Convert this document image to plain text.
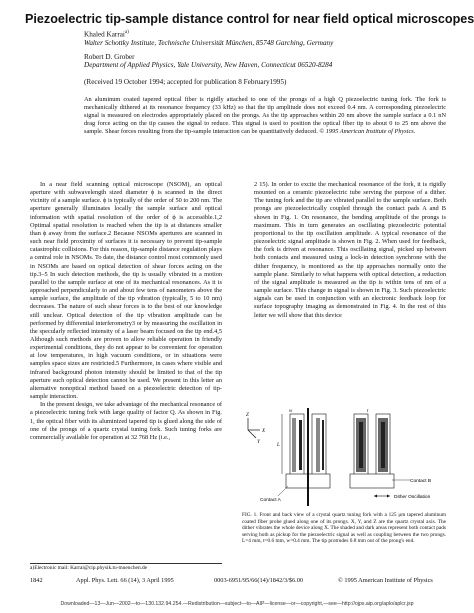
Piezoelectric tip-sample distance control for near field optical microscopes
Khaled Karrai$^{a)}$
Walter Schottky Institute, Technische Universität München, 85748 Garching, Germany
Robert D. Grober
Department of Applied Physics, Yale University, New Haven, Connecticut 06520-8284
(Received 19 October 1994; accepted for publication 8 February1995)
An aluminum coated tapered optical fiber is rigidly attached to one of the prongs of a high Q piezoelectric tuning fork. The fork is mechanically dithered at its resonance frequency (33 kHz) so that the tip amplitude does not exceed 0.4 nm. A corresponding piezoelectric signal is measured on electrodes appropriately placed on the prongs. As the tip approaches within 20 nm above the sample surface a 0.1 nN drag force acting on the tip causes the signal to reduce. This signal is used to position the optical fiber tip to about 0 to 25 nm above the sample. Shear forces resulting from the tip-sample interaction can be quantitatively deduced. © 1995 American Institute of Physics.

In a near field scanning optical microscope (NSOM), an optical aperture with subwavelength sized diameter ϕ is scanned in the direct vicinity of a sample surface. ϕ is typically of the order of 50 to 200 nm. The aperture generally illuminates locally the sample surface and optical information with spatial resolution of the order of ϕ is accessible.1,2 Optimal spatial resolution is reached when the tip is at distances smaller than ϕ away from the surface.2 Because NSOMs apertures are scanned in such near field proximity of surfaces it is necessary to prevent tip-sample catastrophic collisions. For this reason, tip-sample distance regulation plays a central role in NSOMs. To date, the distance control most commonly used in NSOMs are based on optical detection of shear forces acting on the tip.3–5 In such detection methods, the tip is usually vibrated in a motion parallel to the sample surface at one of its mechanical resonances. As it is approached perpendicularly to and about few tens of nanometers above the sample surface, the amplitude of the tip vibration (typically, 5 to 10 nm) decreases. The nature of such shear forces is to the best of our knowledge still unclear. Optical detection of the tip vibration amplitude can be performed by differential interferometry3 or by measuring the oscillation in the specularly reflected intensity of a laser beam focused on the tip end.4,5 Although such methods are proven to allow reliable operation in friendly experimental conditions, they do not appear to be convenient for operation at low temperatures, in high vacuum conditions, or in situations were samples space sizes are restricted.5 Furthermore, in cases where visible and infrared background photon intensity should be limited to that of the tip aperture such optical detection cannot be used. We present in this letter an alternative nonoptical method based on a piezoelectric detection of tip-sample interaction.

In the present design, we take advantage of the mechanical resonance of a piezoelectric tuning fork with large quality of factor Q. As shown in Fig. 1, the optical fiber with its aluminized tapered tip is glued along the side of one of the prongs of a quartz crystal tuning fork. Such tuning forks are commercially available for operation at 32 768 Hz (i.e.,

a)Electronic mail: Karrai@cip.physik.tu-muenchen.de

2 15). In order to excite the mechanical resonance of the fork, it is rigidly mounted on a ceramic piezoelectric tube serving the purpose of a dither. The tuning fork and the tip are vibrated parallel to the sample surface. Both prongs are piezoelectrically coupled through the contact pads A and B shown in Fig. 1. On resonance, the bending amplitude of the prongs is maximum. This in turn generates an oscillating piezoelectric potential proportional to the tip oscillation amplitude. A typical resonance of the piezoelectric signal amplitude is shown in Fig. 2. When used for feedback, the fork is driven at resonance. This oscillating signal, picked up between both contacts and measured using a lock-in detection synchrone with the dither frequency, is monitored as the tip approaches normally onto the sample plane. Similarly to what happens with optical detection, a reduction of the signal amplitude is measured as the tip is within tens of nm of a sample surface. This change in signal is shown in Fig. 3. Such piezoelectric signals can be used in conjunction with an electronic feedback loop for surface topography imaging as demonstrated in Fig. 4. In the rest of this letter we will show that this device

X
Z
Y
L
w	t
Contact B
Contact A
Dither Oscillation
FIG. 1. Front and back view of a crystal quartz tuning fork with a 125 μm tapered aluminum coated fiber probe glued along one of its prongs. X, Y, and Z are the quartz crystal axis. The dither vibrates the whole device along X. The shaded and dark areas represent both contact pads serving both as pickup for the piezoelectric signal as well as coupling between the two prongs. L=4 mm, t=0.6 mm, w=0.4 mm. The tip protrudes 0.8 mm out of the prong's end.
1842	Appl. Phys. Lett. 66 (14), 3 April 1995	0003-6951/95/66(14)/1842/3/$6.00	© 1995 American Institute of Physics
Downloaded—13—Jun—2002—to—130.132.94.254.—Redistribution—subject—to—AIP—license—or—copyright,—see—http://ojps.aip.org/aplo/aplcr.jsp
